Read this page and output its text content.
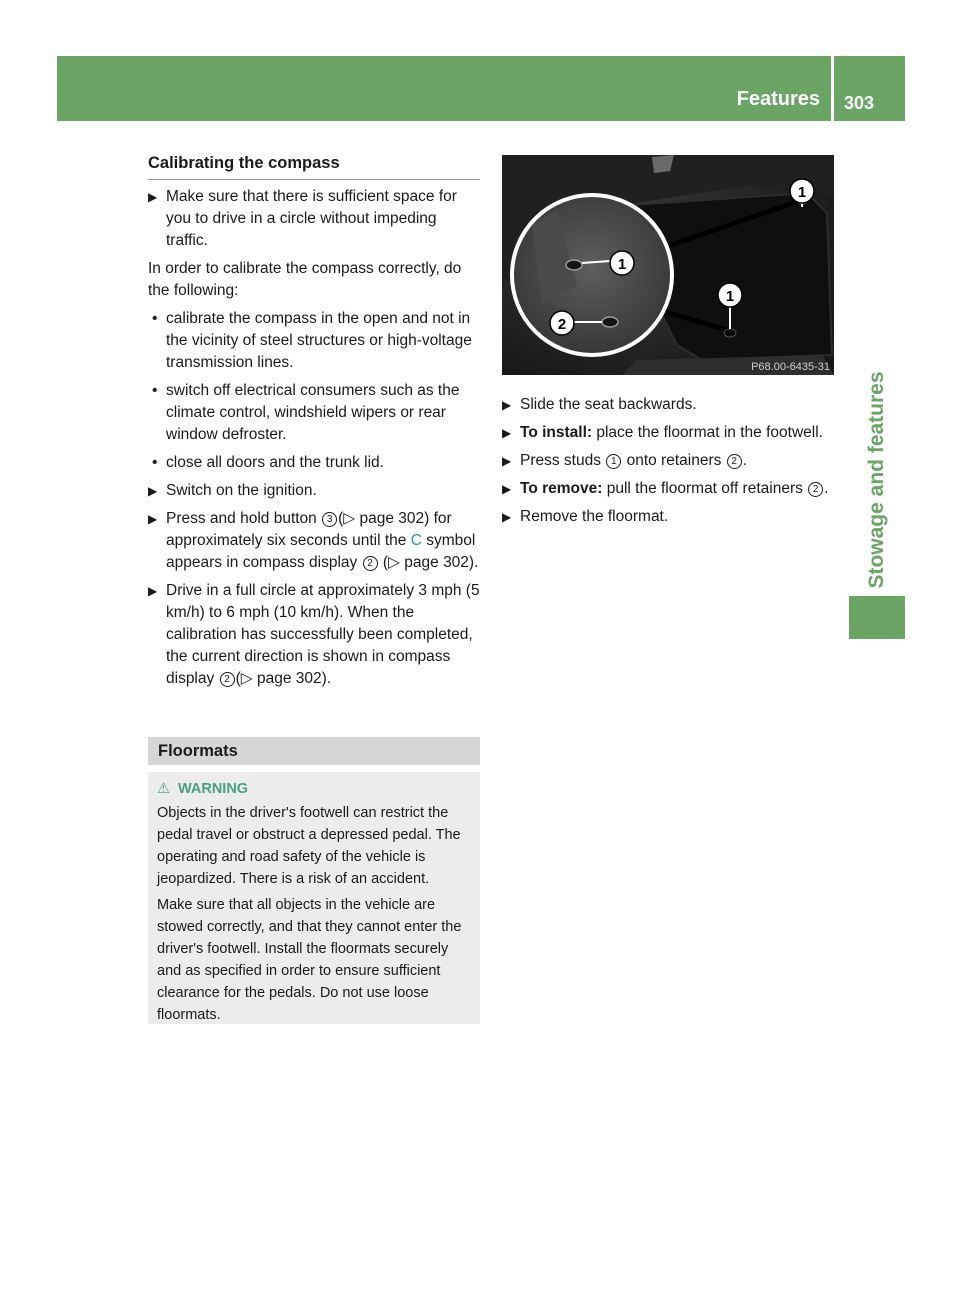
Features 303
Stowage and features
Calibrating the compass
▶ Make sure that there is sufficient space for you to drive in a circle without impeding traffic.

In order to calibrate the compass correctly, do the following:

• calibrate the compass in the open and not in the vicinity of steel structures or high-voltage transmission lines.
• switch off electrical consumers such as the climate control, windshield wipers or rear window defroster.
• close all doors and the trunk lid.
▶ Switch on the ignition.
▶ Press and hold button 3 (▷ page 302) for approximately six seconds until the C symbol appears in compass display 2 (▷ page 302).
▶ Drive in a full circle at approximately 3 mph (5 km/h) to 6 mph (10 km/h). When the calibration has successfully been completed, the current direction is shown in compass display 2 (▷ page 302).
Floormats
⚠ WARNING

Objects in the driver's footwell can restrict the pedal travel or obstruct a depressed pedal. The operating and road safety of the vehicle is jeopardized. There is a risk of an accident.

Make sure that all objects in the vehicle are stowed correctly, and that they cannot enter the driver's footwell. Install the floormats securely and as specified in order to ensure sufficient clearance for the pedals. Do not use loose floormats.

1
1
1
2
P68.00-6435-31
▶ Slide the seat backwards.
▶ To install: place the floormat in the footwell.
▶ Press studs 1 onto retainers 2 .
▶ To remove: pull the floormat off retainers 2 .
▶ Remove the floormat.
